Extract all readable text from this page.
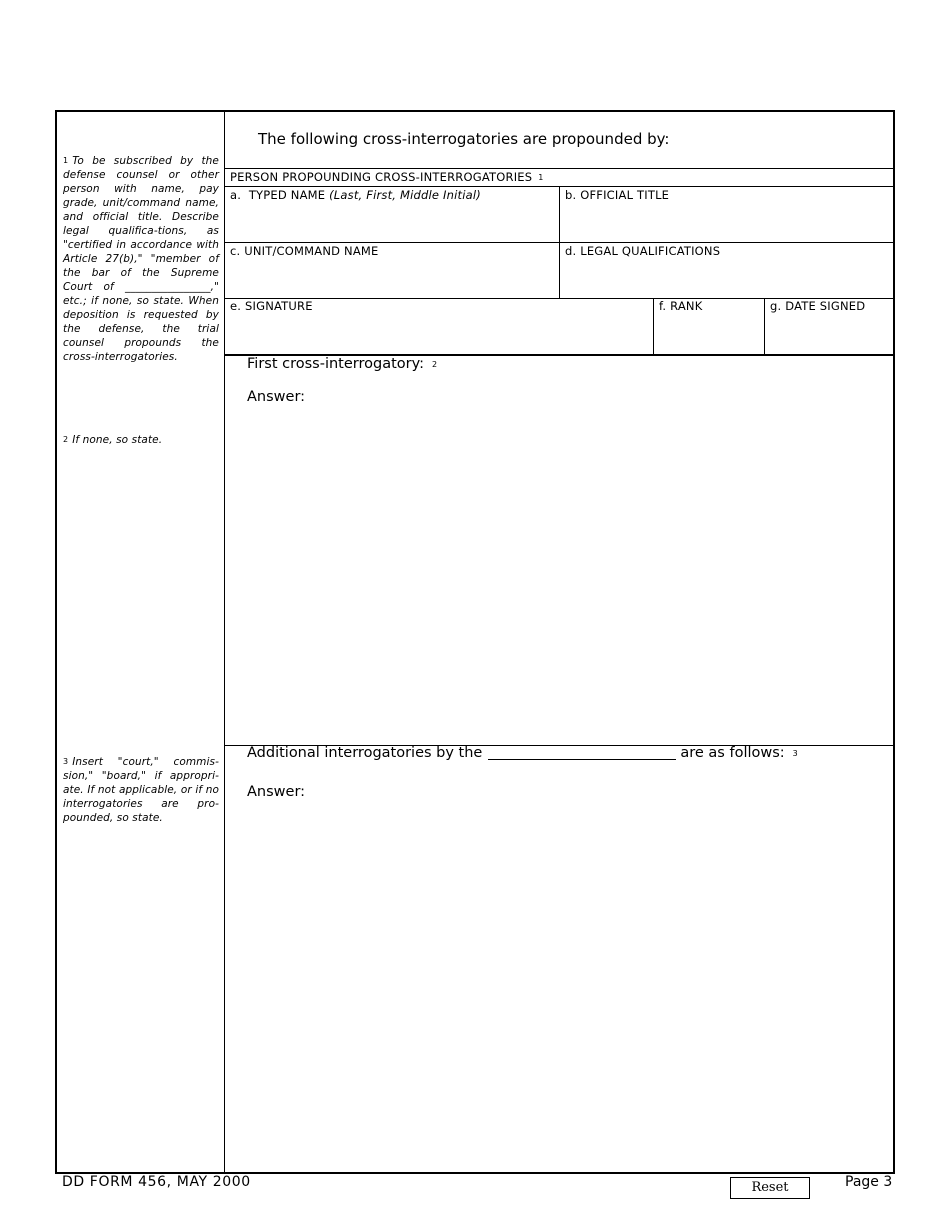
1 To be subscribed by the defense counsel or other person with name, pay grade, unit/command name, and official title. Describe legal qualifica-tions, as "certified in accordance with Article 27(b)," "member of the bar of the Supreme Court of ________________," etc.; if none, so state. When deposition is requested by the defense, the trial counsel propounds the cross-interrogatories.
2 If none, so state.
3 Insert "court," commis-sion," "board," if appropri-ate. If not applicable, or if no interrogatories are pro-pounded, so state.
The following cross-interrogatories are propounded by:
PERSON PROPOUNDING CROSS-INTERROGATORIES 1
a. TYPED NAME (Last, First, Middle Initial)	b. OFFICIAL TITLE
c. UNIT/COMMAND NAME	d. LEGAL QUALIFICATIONS
e. SIGNATURE	f. RANK	g. DATE SIGNED
First cross-interrogatory: 2
Answer:
Additional interrogatories by the	are as follows: 3
Answer:
DD FORM 456, MAY 2000	Reset	Page 3
